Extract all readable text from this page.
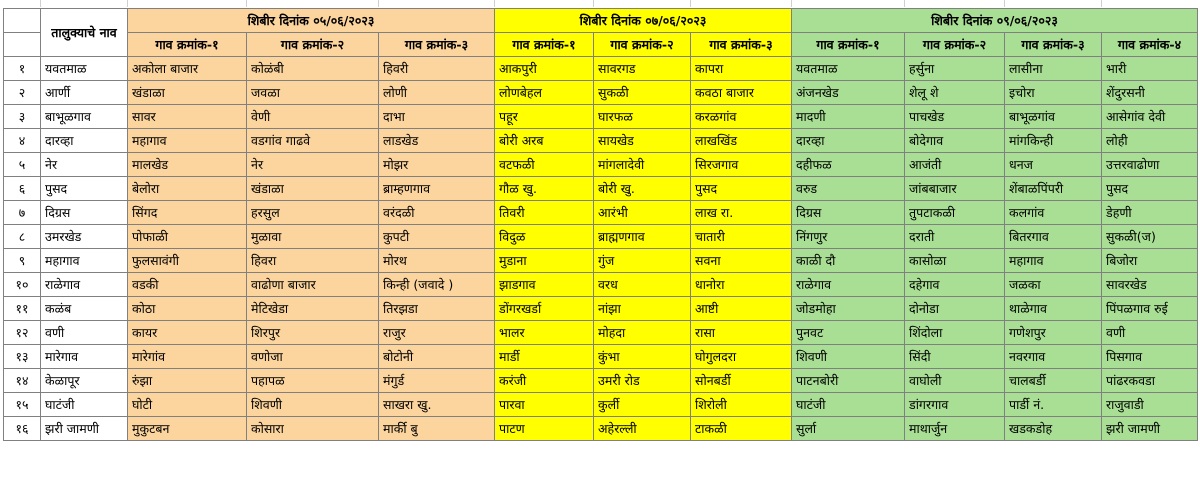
	तालुक्याचे नाव	शिबीर दिनांक ०५/०६/२०२३			शिबीर दिनांक ०७/०६/२०२३			शिबीर दिनांक ०९/०६/२०२३			
		गाव क्रमांक-१	गाव क्रमांक-२	गाव क्रमांक-३	गाव क्रमांक-१	गाव क्रमांक-२	गाव क्रमांक-३	गाव क्रमांक-१	गाव क्रमांक-२	गाव क्रमांक-३	गाव क्रमांक-४
१	यवतमाळ	अकोला बाजार	कोळंबी	हिवरी	आकपुरी	सावरगड	कापरा	यवतमाळ	हर्सुना	लासीना	भारी
२	आर्णी	खंडाळा	जवळा	लोणी	लोणबेहल	सुकळी	कवठा बाजार	अंजनखेड	शेलू शे	इचोरा	शेंदुरसनी
३	बाभूळगाव	सावर	वेणी	दाभा	पहूर	घारफळ	करळगांव	मादणी	पाचखेड	बाभूळगांव	आसेगांव देवी
४	दारव्हा	महागाव	वडगांव गाढवे	लाडखेड	बोरी अरब	सायखेड	लाखखिंड	दारव्हा	बोदेगाव	मांगकिन्ही	लोही
५	नेर	मालखेड	नेर	मोझर	वटफळी	मांगलादेवी	सिरजगाव	दहीफळ	आजंती	धनज	उत्तरवाढोणा
६	पुसद	बेलोरा	खंडाळा	ब्राम्हणगाव	गौळ खु.	बोरी खु.	पुसद	वरुड	जांबबाजार	शेंबाळपिंपरी	पुसद
७	दिग्रस	सिंगद	हरसुल	वरंदळी	तिवरी	आरंभी	लाख रा.	दिग्रस	तुपटाकळी	कलगांव	डेहणी
८	उमरखेड	पोफाळी	मुळावा	कुपटी	विदुळ	ब्राह्मणगाव	चातारी	निंगणुर	दराती	बितरगाव	सुकळी(ज)
९	महागाव	फुलसावंगी	हिवरा	मोरथ	मुडाना	गुंज	सवना	काळी दौ	कासोळा	महागाव	बिजोरा
१०	राळेगाव	वडकी	वाढोणा बाजार	किन्ही (जवादे )	झाडगाव	वरध	धानोरा	राळेगाव	दहेगाव	जळका	सावरखेड
११	कळंब	कोठा	मेटिखेडा	तिरझडा	डोंगरखर्डा	नांझा	आष्टी	जोडमोहा	दोनोडा	थाळेगाव	पिंपळगाव रुई
१२	वणी	कायर	शिरपुर	राजुर	भालर	मोहदा	रासा	पुनवट	शिंदोला	गणेशपुर	वणी
१३	मारेगाव	मारेगांव	वणोजा	बोटोनी	मार्डी	कुंभा	घोगुलदरा	शिवणी	सिंदी	नवरगाव	पिसगाव
१४	केळापूर	रुंझा	पहापळ	मंगुर्ड	करंजी	उमरी रोड	सोनबर्डी	पाटनबोरी	वाघोली	चालबर्डी	पांढरकवडा
१५	घाटंजी	घोटी	शिवणी	साखरा खु.	पारवा	कुर्ली	शिरोली	घाटंजी	डांगरगाव	पार्डी नं.	राजुवाडी
१६	झरी जामणी	मुकुटबन	कोसारा	मार्की बु	पाटण	अहेरल्ली	टाकळी	सुर्ला	माथार्जुन	खडकडोह	झरी जामणी
